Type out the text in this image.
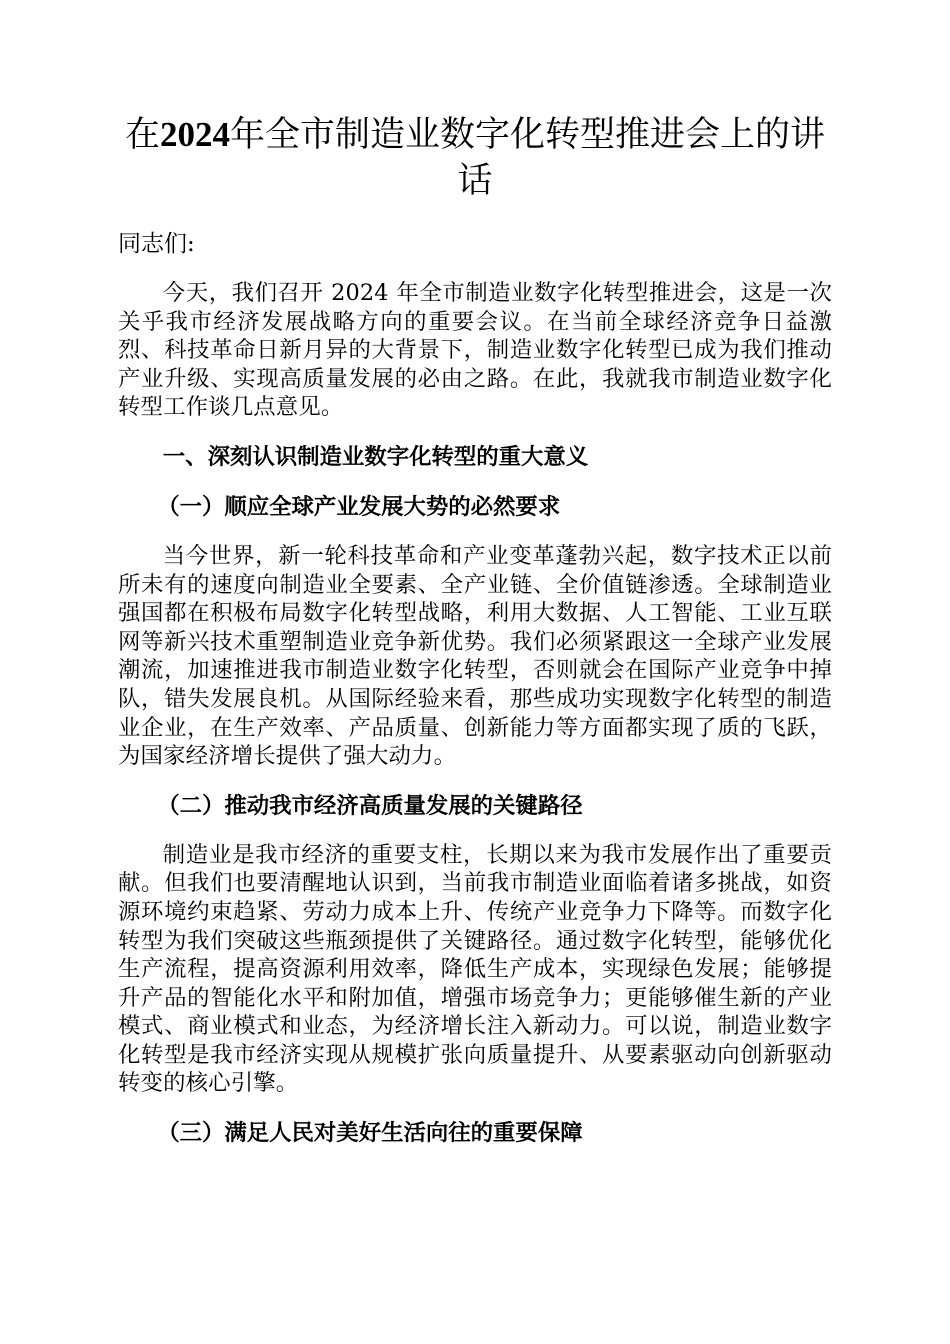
在2024年全市制造业数字化转型推进会上的讲话

同志们:

今天，我们召开 2024 年全市制造业数字化转型推进会，这是一次关乎我市经济发展战略方向的重要会议。在当前全球经济竞争日益激烈、科技革命日新月异的大背景下，制造业数字化转型已成为我们推动产业升级、实现高质量发展的必由之路。在此，我就我市制造业数字化转型工作谈几点意见。

一、深刻认识制造业数字化转型的重大意义

（一）顺应全球产业发展大势的必然要求

当今世界，新一轮科技革命和产业变革蓬勃兴起，数字技术正以前所未有的速度向制造业全要素、全产业链、全价值链渗透。全球制造业强国都在积极布局数字化转型战略，利用大数据、人工智能、工业互联网等新兴技术重塑制造业竞争新优势。我们必须紧跟这一全球产业发展潮流，加速推进我市制造业数字化转型，否则就会在国际产业竞争中掉队，错失发展良机。从国际经验来看，那些成功实现数字化转型的制造业企业，在生产效率、产品质量、创新能力等方面都实现了质的飞跃，为国家经济增长提供了强大动力。

（二）推动我市经济高质量发展的关键路径

制造业是我市经济的重要支柱，长期以来为我市发展作出了重要贡献。但我们也要清醒地认识到，当前我市制造业面临着诸多挑战，如资源环境约束趋紧、劳动力成本上升、传统产业竞争力下降等。而数字化转型为我们突破这些瓶颈提供了关键路径。通过数字化转型，能够优化生产流程，提高资源利用效率，降低生产成本，实现绿色发展；能够提升产品的智能化水平和附加值，增强市场竞争力；更能够催生新的产业模式、商业模式和业态，为经济增长注入新动力。可以说，制造业数字化转型是我市经济实现从规模扩张向质量提升、从要素驱动向创新驱动转变的核心引擎。

（三）满足人民对美好生活向往的重要保障
